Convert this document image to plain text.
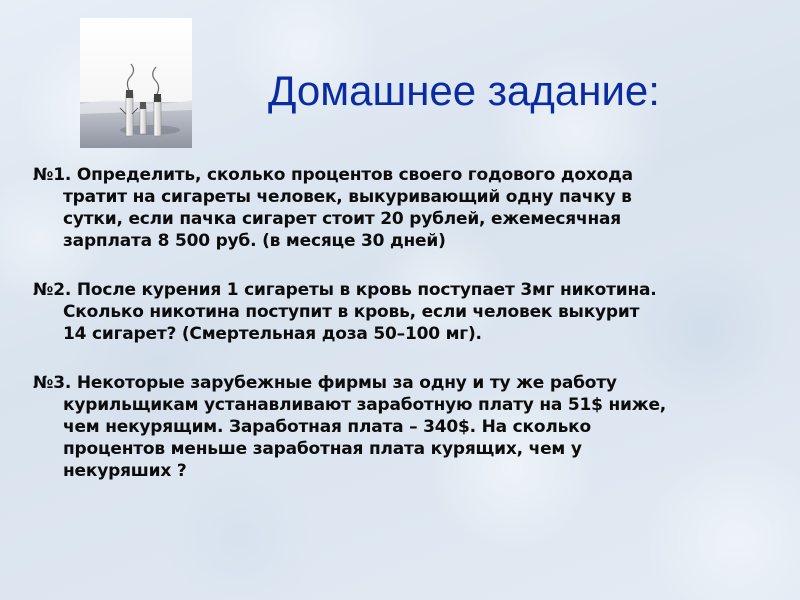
Домашнее задание:

№1. Определить, сколько процентов своего годового дохода
тратит на сигареты человек, выкуривающий одну пачку в
сутки, если пачка сигарет стоит 20 рублей, ежемесячная
зарплата 8 500 руб. (в месяце 30 дней)

№2. После курения 1 сигареты в кровь поступает 3мг никотина.
Сколько никотина поступит в кровь, если человек выкурит
14 сигарет? (Смертельная доза 50–100 мг).

№3. Некоторые зарубежные фирмы за одну и ту же работу
курильщикам устанавливают заработную плату на 51$ ниже,
чем некурящим. Заработная плата – 340$. На сколько
процентов меньше заработная плата курящих, чем у
некуряших ?
